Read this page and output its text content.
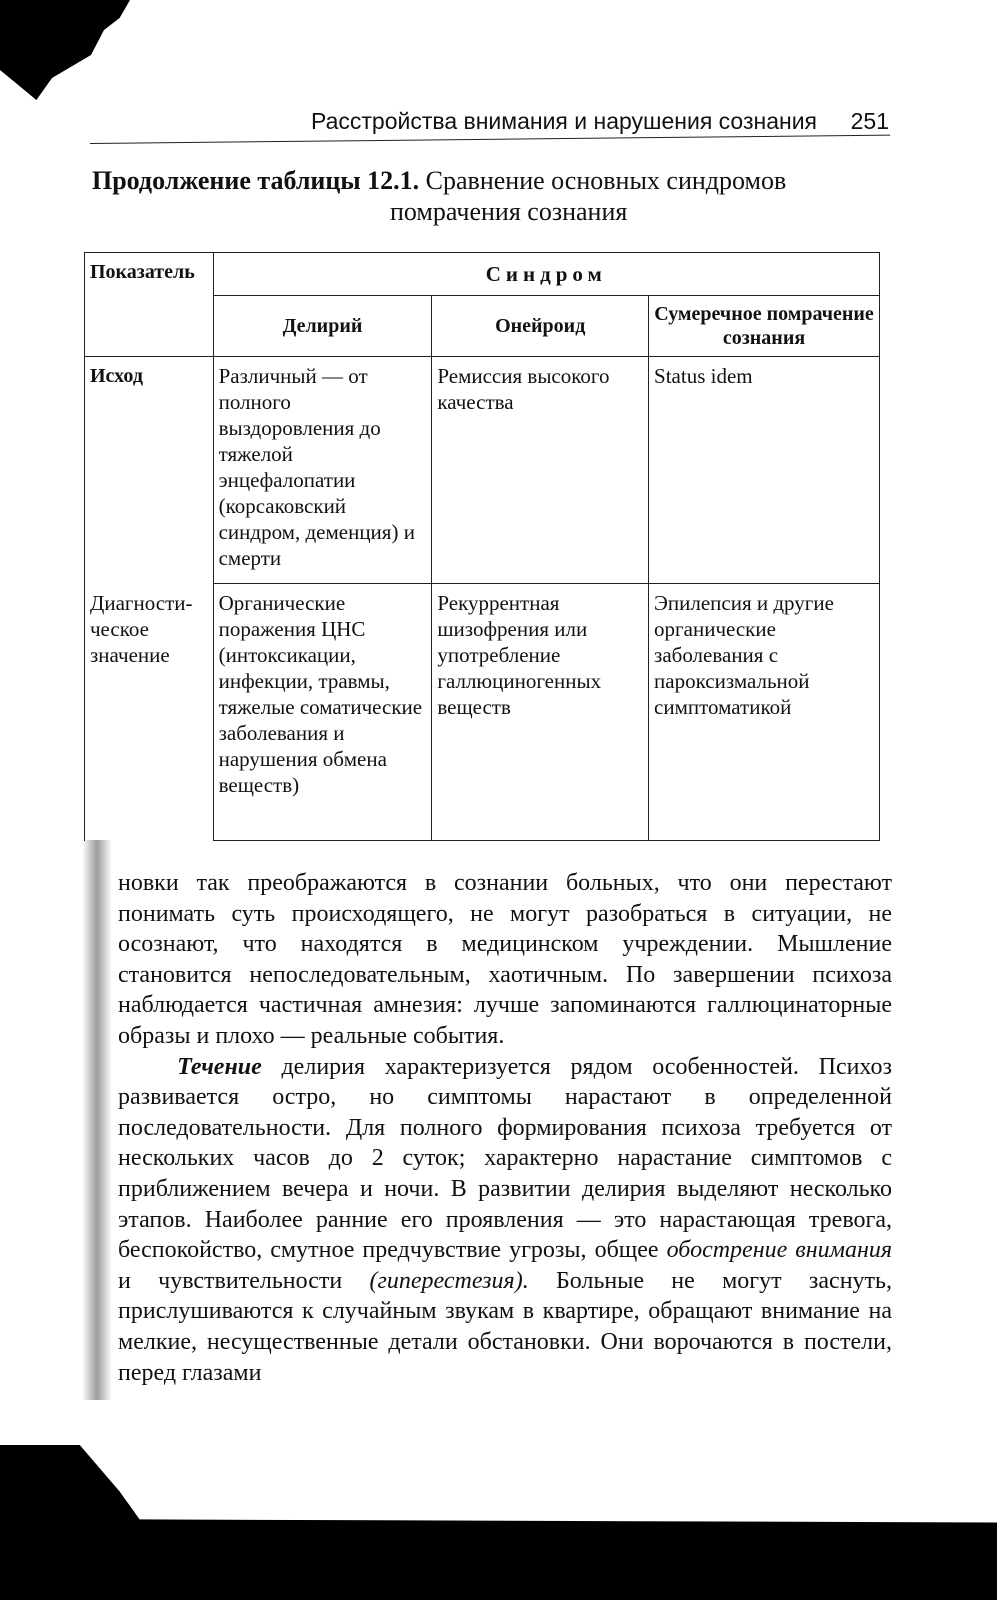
Расстройства внимания и нарушения сознания 251
Продолжение таблицы 12.1. Сравнение основных синдромов
помрачения сознания
Показатель	Синдром		
	Делирий	Онейроид	Сумеречное помрачение сознания
Исход	Различный — от полного выздоровления до тяжелой энцефалопатии (корсаковский синдром, деменция) и смерти	Ремиссия высокого качества	Status idem
Диагности-ческое значение	Органические поражения ЦНС (интоксикации, инфекции, травмы, тяжелые соматические заболевания и нарушения обмена веществ)	Рекуррентная шизофрения или употребление галлюциногенных веществ	Эпилепсия и другие органические заболевания с пароксизмальной симптоматикой

новки так преображаются в сознании больных, что они перестают понимать суть происходящего, не могут разобраться в ситуации, не осознают, что находятся в медицинском учреждении. Мышление становится непоследовательным, хаотичным. По завершении психоза наблюдается частичная амнезия: лучше запоминаются галлюцинаторные образы и плохо — реальные события.

Течение делирия характеризуется рядом особенностей. Психоз развивается остро, но симптомы нарастают в определенной последовательности. Для полного формирования психоза требуется от нескольких часов до 2 суток; характерно нарастание симптомов с приближением вечера и ночи. В развитии делирия выделяют несколько этапов. Наиболее ранние его проявления — это нарастающая тревога, беспокойство, смутное предчувствие угрозы, общее обострение внимания и чувствительности (гиперестезия). Больные не могут заснуть, прислушиваются к случайным звукам в квартире, обращают внимание на мелкие, несущественные детали обстановки. Они ворочаются в постели, перед глазами
